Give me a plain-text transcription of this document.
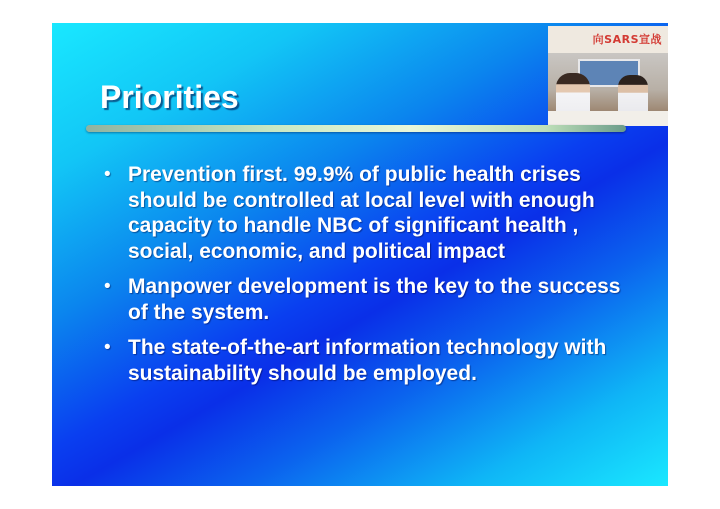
向SARS宣战
Priorities
• Prevention first. 99.9% of public health crises should be controlled at local level with enough capacity to handle NBC of significant health , social, economic, and political impact
• Manpower development is the key to the success of the system.
• The state-of-the-art information technology with sustainability should be employed.
